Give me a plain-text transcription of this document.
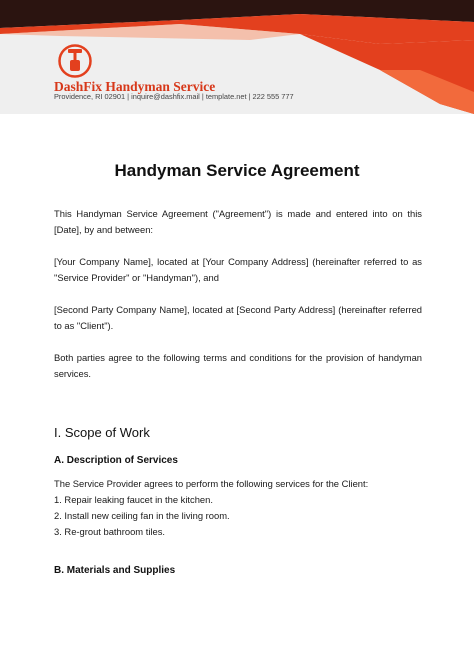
DashFix Handyman Service
Providence, RI 02901 | inquire@dashfix.mail | template.net | 222 555 777
Handyman Service Agreement

This Handyman Service Agreement ("Agreement") is made and entered into on this [Date], by and between:

[Your Company Name], located at [Your Company Address] (hereinafter referred to as "Service Provider" or "Handyman"), and

[Second Party Company Name], located at [Second Party Address] (hereinafter referred to as "Client").

Both parties agree to the following terms and conditions for the provision of handyman services.

I. Scope of Work
A. Description of Services
The Service Provider agrees to perform the following services for the Client:
1. Repair leaking faucet in the kitchen.
2. Install new ceiling fan in the living room.
3. Re-grout bathroom tiles.
B. Materials and Supplies
